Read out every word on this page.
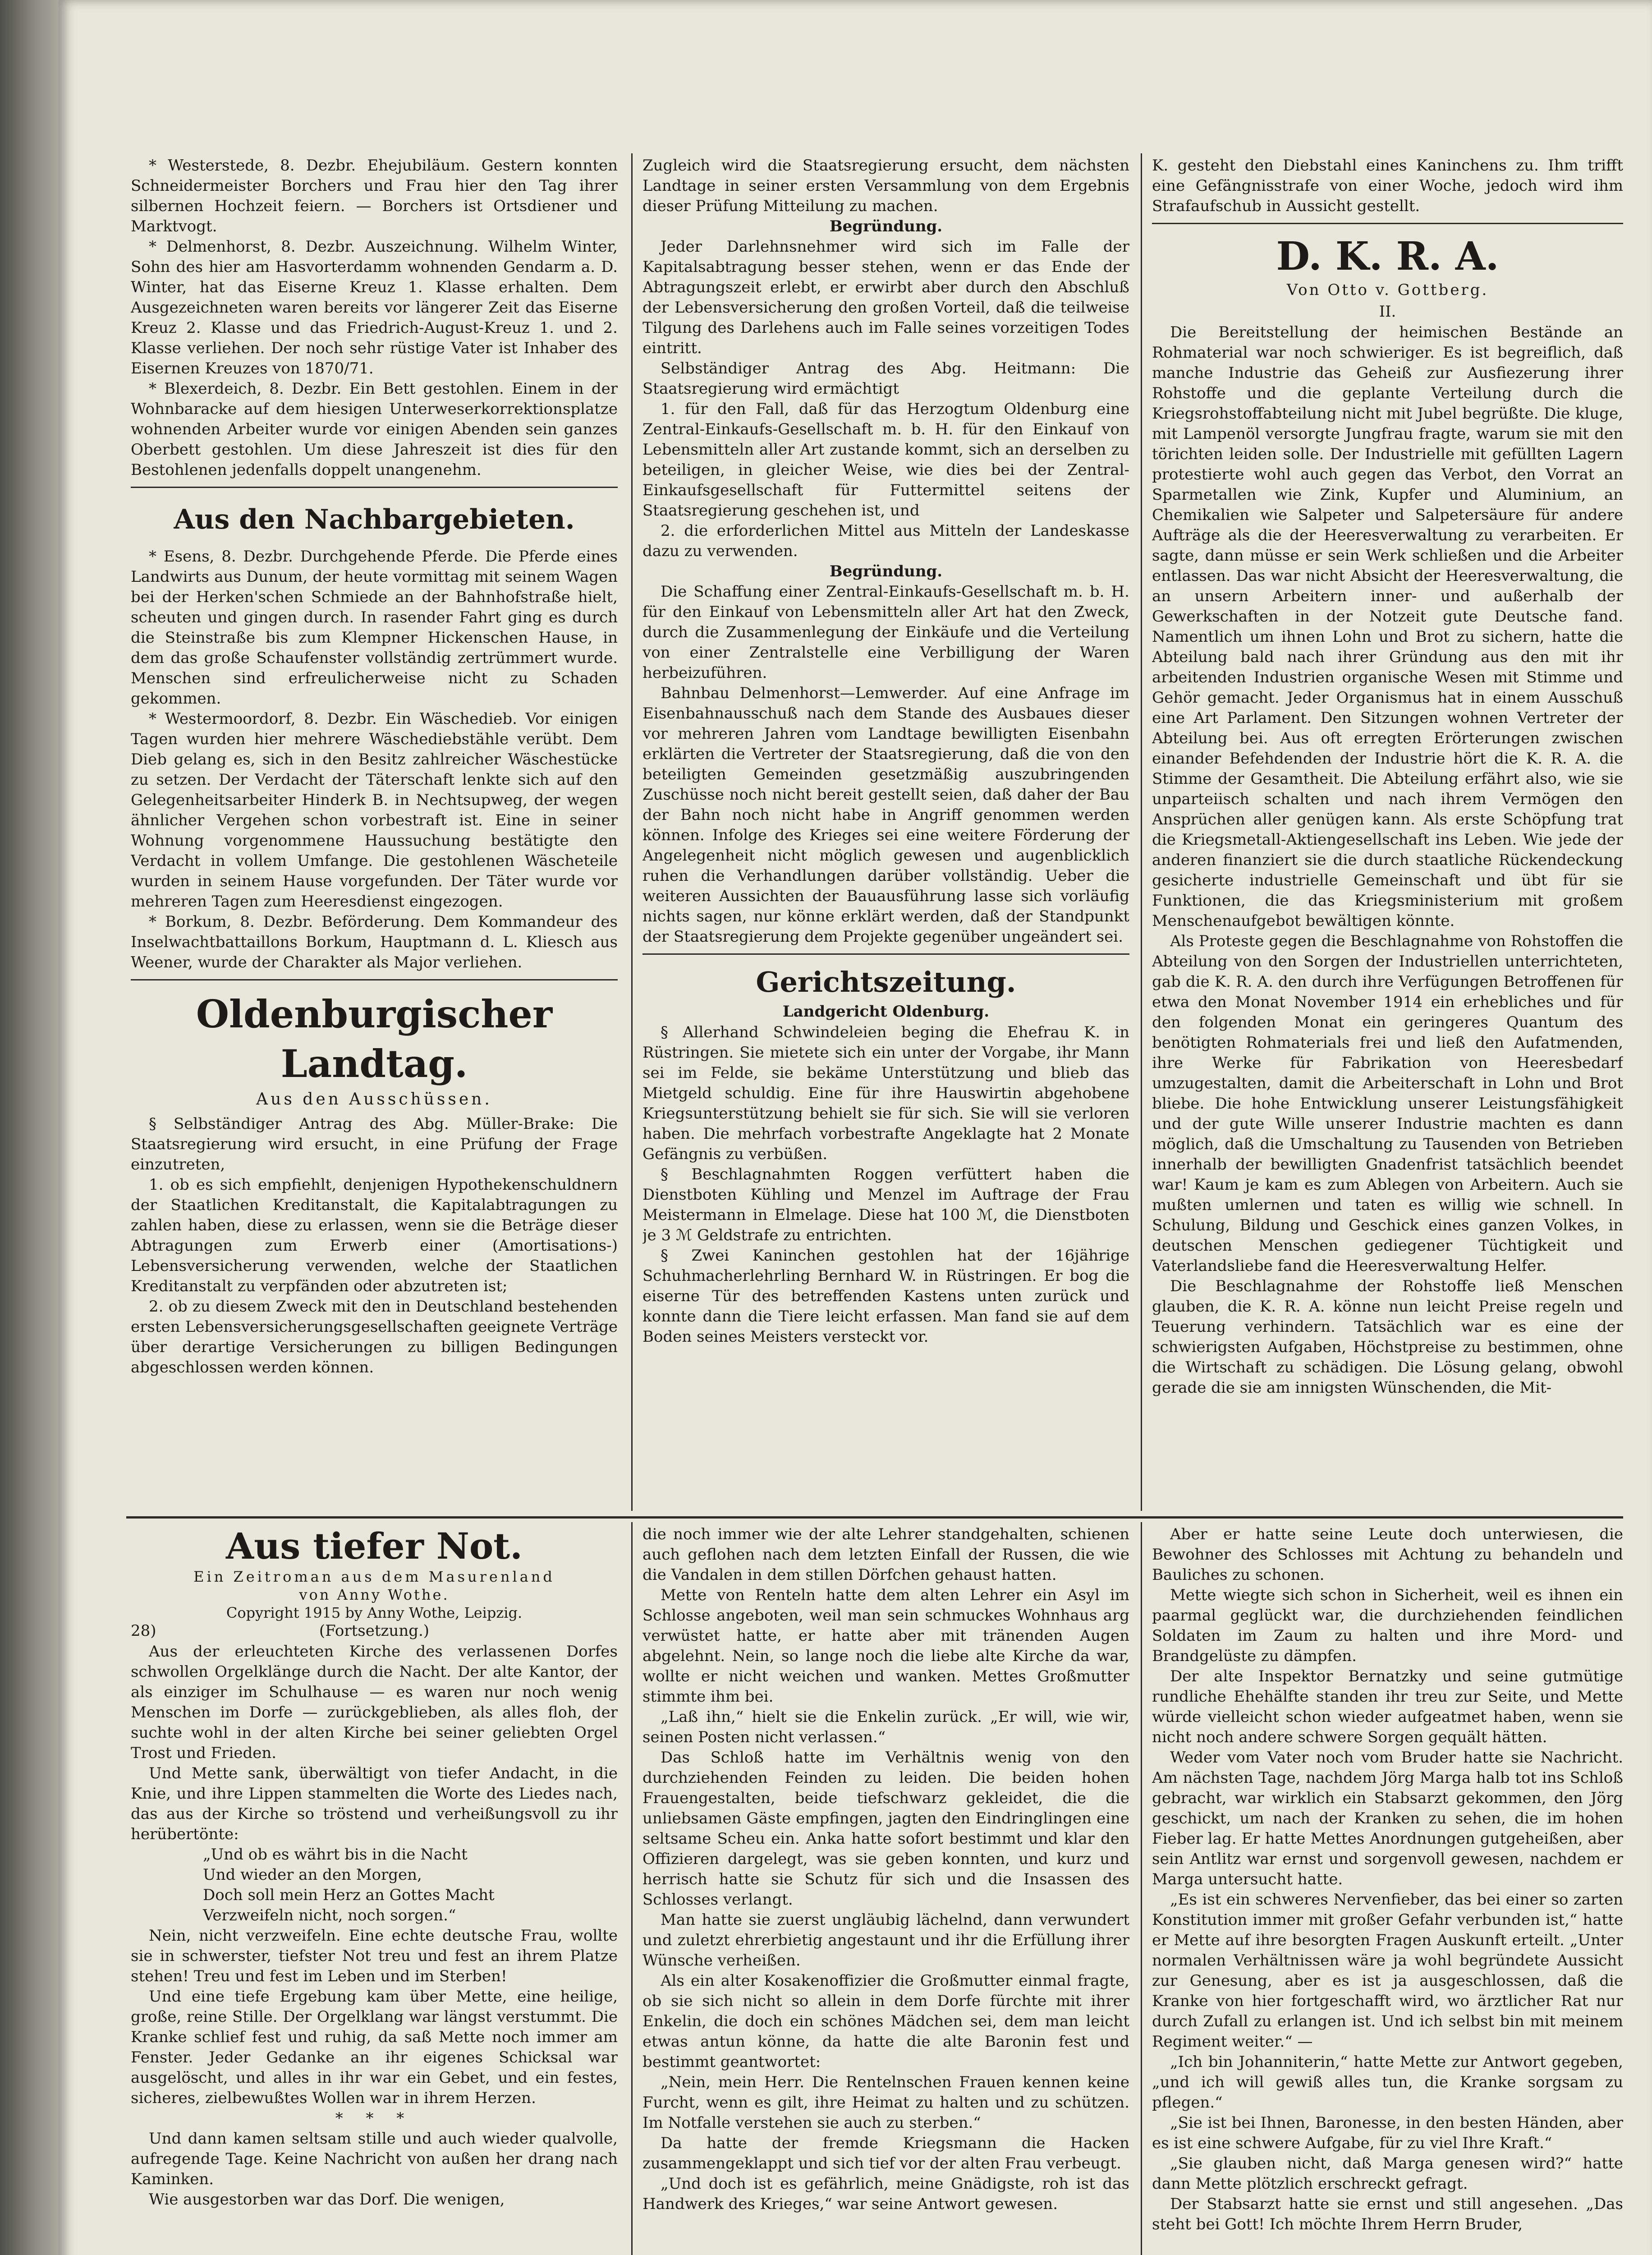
* Westerstede, 8. Dezbr. Ehejubiläum. Gestern konnten Schneidermeister Borchers und Frau hier den Tag ihrer silbernen Hochzeit feiern. — Borchers ist Ortsdiener und Marktvogt.

* Delmenhorst, 8. Dezbr. Auszeichnung. Wilhelm Winter, Sohn des hier am Hasvorterdamm wohnenden Gendarm a. D. Winter, hat das Eiserne Kreuz 1. Klasse erhalten. Dem Ausgezeichneten waren bereits vor längerer Zeit das Eiserne Kreuz 2. Klasse und das Friedrich-August-Kreuz 1. und 2. Klasse verliehen. Der noch sehr rüstige Vater ist Inhaber des Eisernen Kreuzes von 1870/71.

* Blexerdeich, 8. Dezbr. Ein Bett gestohlen. Einem in der Wohnbaracke auf dem hiesigen Unterweserkorrektionsplatze wohnenden Arbeiter wurde vor einigen Abenden sein ganzes Oberbett gestohlen. Um diese Jahreszeit ist dies für den Bestohlenen jedenfalls doppelt unangenehm.

Aus den Nachbargebieten.

* Esens, 8. Dezbr. Durchgehende Pferde. Die Pferde eines Landwirts aus Dunum, der heute vormittag mit seinem Wagen bei der Herken'schen Schmiede an der Bahnhofstraße hielt, scheuten und gingen durch. In rasender Fahrt ging es durch die Steinstraße bis zum Klempner Hickenschen Hause, in dem das große Schaufenster vollständig zertrümmert wurde. Menschen sind erfreulicherweise nicht zu Schaden gekommen.

* Westermoordorf, 8. Dezbr. Ein Wäschedieb. Vor einigen Tagen wurden hier mehrere Wäschediebstähle verübt. Dem Dieb gelang es, sich in den Besitz zahlreicher Wäschestücke zu setzen. Der Verdacht der Täterschaft lenkte sich auf den Gelegenheitsarbeiter Hinderk B. in Nechtsupweg, der wegen ähnlicher Vergehen schon vorbestraft ist. Eine in seiner Wohnung vorgenommene Haussuchung bestätigte den Verdacht in vollem Umfange. Die gestohlenen Wäscheteile wurden in seinem Hause vorgefunden. Der Täter wurde vor mehreren Tagen zum Heeresdienst eingezogen.

* Borkum, 8. Dezbr. Beförderung. Dem Kommandeur des Inselwachtbattaillons Borkum, Hauptmann d. L. Kliesch aus Weener, wurde der Charakter als Major verliehen.

Oldenburgischer Landtag.

Aus den Ausschüssen.

§ Selbständiger Antrag des Abg. Müller-Brake: Die Staatsregierung wird ersucht, in eine Prüfung der Frage einzutreten,

1. ob es sich empfiehlt, denjenigen Hypothekenschuldnern der Staatlichen Kreditanstalt, die Kapitalabtragungen zu zahlen haben, diese zu erlassen, wenn sie die Beträge dieser Abtragungen zum Erwerb einer (Amortisations-) Lebensversicherung verwenden, welche der Staatlichen Kreditanstalt zu verpfänden oder abzutreten ist;

2. ob zu diesem Zweck mit den in Deutschland bestehenden ersten Lebensversicherungsgesellschaften geeignete Verträge über derartige Versicherungen zu billigen Bedingungen abgeschlossen werden können.

Zugleich wird die Staatsregierung ersucht, dem nächsten Landtage in seiner ersten Versammlung von dem Ergebnis dieser Prüfung Mitteilung zu machen.

Begründung.

Jeder Darlehnsnehmer wird sich im Falle der Kapitalsabtragung besser stehen, wenn er das Ende der Abtragungszeit erlebt, er erwirbt aber durch den Abschluß der Lebensversicherung den großen Vorteil, daß die teilweise Tilgung des Darlehens auch im Falle seines vorzeitigen Todes eintritt.

Selbständiger Antrag des Abg. Heitmann: Die Staatsregierung wird ermächtigt

1. für den Fall, daß für das Herzogtum Oldenburg eine Zentral-Einkaufs-Gesellschaft m. b. H. für den Einkauf von Lebensmitteln aller Art zustande kommt, sich an derselben zu beteiligen, in gleicher Weise, wie dies bei der Zentral-Einkaufsgesellschaft für Futtermittel seitens der Staatsregierung geschehen ist, und

2. die erforderlichen Mittel aus Mitteln der Landeskasse dazu zu verwenden.

Begründung.

Die Schaffung einer Zentral-Einkaufs-Gesellschaft m. b. H. für den Einkauf von Lebensmitteln aller Art hat den Zweck, durch die Zusammenlegung der Einkäufe und die Verteilung von einer Zentralstelle eine Verbilligung der Waren herbeizuführen.

Bahnbau Delmenhorst—Lemwerder. Auf eine Anfrage im Eisenbahnausschuß nach dem Stande des Ausbaues dieser vor mehreren Jahren vom Landtage bewilligten Eisenbahn erklärten die Vertreter der Staatsregierung, daß die von den beteiligten Gemeinden gesetzmäßig auszubringenden Zuschüsse noch nicht bereit gestellt seien, daß daher der Bau der Bahn noch nicht habe in Angriff genommen werden können. Infolge des Krieges sei eine weitere Förderung der Angelegenheit nicht möglich gewesen und augenblicklich ruhen die Verhandlungen darüber vollständig. Ueber die weiteren Aussichten der Bauausführung lasse sich vorläufig nichts sagen, nur könne erklärt werden, daß der Standpunkt der Staatsregierung dem Projekte gegenüber ungeändert sei.

Gerichtszeitung.

Landgericht Oldenburg.

§ Allerhand Schwindeleien beging die Ehefrau K. in Rüstringen. Sie mietete sich ein unter der Vorgabe, ihr Mann sei im Felde, sie bekäme Unterstützung und blieb das Mietgeld schuldig. Eine für ihre Hauswirtin abgehobene Kriegsunterstützung behielt sie für sich. Sie will sie verloren haben. Die mehrfach vorbestrafte Angeklagte hat 2 Monate Gefängnis zu verbüßen.

§ Beschlagnahmten Roggen verfüttert haben die Dienstboten Kühling und Menzel im Auftrage der Frau Meistermann in Elmelage. Diese hat 100 ℳ, die Dienstboten je 3 ℳ Geldstrafe zu entrichten.

§ Zwei Kaninchen gestohlen hat der 16jährige Schuhmacherlehrling Bernhard W. in Rüstringen. Er bog die eiserne Tür des betreffenden Kastens unten zurück und konnte dann die Tiere leicht erfassen. Man fand sie auf dem Boden seines Meisters versteckt vor.

K. gesteht den Diebstahl eines Kaninchens zu. Ihm trifft eine Gefängnisstrafe von einer Woche, jedoch wird ihm Strafaufschub in Aussicht gestellt.

D. K. R. A.

Von Otto v. Gottberg.

II.

Die Bereitstellung der heimischen Bestände an Rohmaterial war noch schwieriger. Es ist begreiflich, daß manche Industrie das Geheiß zur Ausfiezerung ihrer Rohstoffe und die geplante Verteilung durch die Kriegsrohstoffabteilung nicht mit Jubel begrüßte. Die kluge, mit Lampenöl versorgte Jungfrau fragte, warum sie mit den törichten leiden solle. Der Industrielle mit gefüllten Lagern protestierte wohl auch gegen das Verbot, den Vorrat an Sparmetallen wie Zink, Kupfer und Aluminium, an Chemikalien wie Salpeter und Salpetersäure für andere Aufträge als die der Heeresverwaltung zu verarbeiten. Er sagte, dann müsse er sein Werk schließen und die Arbeiter entlassen. Das war nicht Absicht der Heeresverwaltung, die an unsern Arbeitern inner- und außerhalb der Gewerkschaften in der Notzeit gute Deutsche fand. Namentlich um ihnen Lohn und Brot zu sichern, hatte die Abteilung bald nach ihrer Gründung aus den mit ihr arbeitenden Industrien organische Wesen mit Stimme und Gehör gemacht. Jeder Organismus hat in einem Ausschuß eine Art Parlament. Den Sitzungen wohnen Vertreter der Abteilung bei. Aus oft erregten Erörterungen zwischen einander Befehdenden der Industrie hört die K. R. A. die Stimme der Gesamtheit. Die Abteilung erfährt also, wie sie unparteiisch schalten und nach ihrem Vermögen den Ansprüchen aller genügen kann. Als erste Schöpfung trat die Kriegsmetall-Aktiengesellschaft ins Leben. Wie jede der anderen finanziert sie die durch staatliche Rückendeckung gesicherte industrielle Gemeinschaft und übt für sie Funktionen, die das Kriegsministerium mit großem Menschenaufgebot bewältigen könnte.

Als Proteste gegen die Beschlagnahme von Rohstoffen die Abteilung von den Sorgen der Industriellen unterrichteten, gab die K. R. A. den durch ihre Verfügungen Betroffenen für etwa den Monat November 1914 ein erhebliches und für den folgenden Monat ein geringeres Quantum des benötigten Rohmaterials frei und ließ den Aufatmenden, ihre Werke für Fabrikation von Heeresbedarf umzugestalten, damit die Arbeiterschaft in Lohn und Brot bliebe. Die hohe Entwicklung unserer Leistungsfähigkeit und der gute Wille unserer Industrie machten es dann möglich, daß die Umschaltung zu Tausenden von Betrieben innerhalb der bewilligten Gnadenfrist tatsächlich beendet war! Kaum je kam es zum Ablegen von Arbeitern. Auch sie mußten umlernen und taten es willig wie schnell. In Schulung, Bildung und Geschick eines ganzen Volkes, in deutschen Menschen gediegener Tüchtigkeit und Vaterlandsliebe fand die Heeresverwaltung Helfer.

Die Beschlagnahme der Rohstoffe ließ Menschen glauben, die K. R. A. könne nun leicht Preise regeln und Teuerung verhindern. Tatsächlich war es eine der schwierigsten Aufgaben, Höchstpreise zu bestimmen, ohne die Wirtschaft zu schädigen. Die Lösung gelang, obwohl gerade die sie am innigsten Wünschenden, die Mit-

Aus tiefer Not.

Ein Zeitroman aus dem Masurenland

von Anny Wothe.

Copyright 1915 by Anny Wothe, Leipzig.

28)	(Fortsetzung.)

Aus der erleuchteten Kirche des verlassenen Dorfes schwollen Orgelklänge durch die Nacht. Der alte Kantor, der als einziger im Schulhause — es waren nur noch wenig Menschen im Dorfe — zurückgeblieben, als alles floh, der suchte wohl in der alten Kirche bei seiner geliebten Orgel Trost und Frieden.

Und Mette sank, überwältigt von tiefer Andacht, in die Knie, und ihre Lippen stammelten die Worte des Liedes nach, das aus der Kirche so tröstend und verheißungsvoll zu ihr herübertönte:

„Und ob es währt bis in die Nacht
Und wieder an den Morgen,
Doch soll mein Herz an Gottes Macht
Verzweifeln nicht, noch sorgen.“

Nein, nicht verzweifeln. Eine echte deutsche Frau, wollte sie in schwerster, tiefster Not treu und fest an ihrem Platze stehen! Treu und fest im Leben und im Sterben!

Und eine tiefe Ergebung kam über Mette, eine heilige, große, reine Stille. Der Orgelklang war längst verstummt. Die Kranke schlief fest und ruhig, da saß Mette noch immer am Fenster. Jeder Gedanke an ihr eigenes Schicksal war ausgelöscht, und alles in ihr war ein Gebet, und ein festes, sicheres, zielbewußtes Wollen war in ihrem Herzen.

* * *

Und dann kamen seltsam stille und auch wieder qualvolle, aufregende Tage. Keine Nachricht von außen her drang nach Kaminken.

Wie ausgestorben war das Dorf. Die wenigen,

die noch immer wie der alte Lehrer standgehalten, schienen auch geflohen nach dem letzten Einfall der Russen, die wie die Vandalen in dem stillen Dörfchen gehaust hatten.

Mette von Renteln hatte dem alten Lehrer ein Asyl im Schlosse angeboten, weil man sein schmuckes Wohnhaus arg verwüstet hatte, er hatte aber mit tränenden Augen abgelehnt. Nein, so lange noch die liebe alte Kirche da war, wollte er nicht weichen und wanken. Mettes Großmutter stimmte ihm bei.

„Laß ihn,“ hielt sie die Enkelin zurück. „Er will, wie wir, seinen Posten nicht verlassen.“

Das Schloß hatte im Verhältnis wenig von den durchziehenden Feinden zu leiden. Die beiden hohen Frauengestalten, beide tiefschwarz gekleidet, die die unliebsamen Gäste empfingen, jagten den Eindringlingen eine seltsame Scheu ein. Anka hatte sofort bestimmt und klar den Offizieren dargelegt, was sie geben konnten, und kurz und herrisch hatte sie Schutz für sich und die Insassen des Schlosses verlangt.

Man hatte sie zuerst ungläubig lächelnd, dann verwundert und zuletzt ehrerbietig angestaunt und ihr die Erfüllung ihrer Wünsche verheißen.

Als ein alter Kosakenoffizier die Großmutter einmal fragte, ob sie sich nicht so allein in dem Dorfe fürchte mit ihrer Enkelin, die doch ein schönes Mädchen sei, dem man leicht etwas antun könne, da hatte die alte Baronin fest und bestimmt geantwortet:

„Nein, mein Herr. Die Rentelnschen Frauen kennen keine Furcht, wenn es gilt, ihre Heimat zu halten und zu schützen. Im Notfalle verstehen sie auch zu sterben.“

Da hatte der fremde Kriegsmann die Hacken zusammengeklappt und sich tief vor der alten Frau verbeugt.

„Und doch ist es gefährlich, meine Gnädigste, roh ist das Handwerk des Krieges,“ war seine Antwort gewesen.

Aber er hatte seine Leute doch unterwiesen, die Bewohner des Schlosses mit Achtung zu behandeln und Bauliches zu schonen.

Mette wiegte sich schon in Sicherheit, weil es ihnen ein paarmal geglückt war, die durchziehenden feindlichen Soldaten im Zaum zu halten und ihre Mord- und Brandgelüste zu dämpfen.

Der alte Inspektor Bernatzky und seine gutmütige rundliche Ehehälfte standen ihr treu zur Seite, und Mette würde vielleicht schon wieder aufgeatmet haben, wenn sie nicht noch andere schwere Sorgen gequält hätten.

Weder vom Vater noch vom Bruder hatte sie Nachricht. Am nächsten Tage, nachdem Jörg Marga halb tot ins Schloß gebracht, war wirklich ein Stabsarzt gekommen, den Jörg geschickt, um nach der Kranken zu sehen, die im hohen Fieber lag. Er hatte Mettes Anordnungen gutgeheißen, aber sein Antlitz war ernst und sorgenvoll gewesen, nachdem er Marga untersucht hatte.

„Es ist ein schweres Nervenfieber, das bei einer so zarten Konstitution immer mit großer Gefahr verbunden ist,“ hatte er Mette auf ihre besorgten Fragen Auskunft erteilt. „Unter normalen Verhältnissen wäre ja wohl begründete Aussicht zur Genesung, aber es ist ja ausgeschlossen, daß die Kranke von hier fortgeschafft wird, wo ärztlicher Rat nur durch Zufall zu erlangen ist. Und ich selbst bin mit meinem Regiment weiter.“ —

„Ich bin Johanniterin,“ hatte Mette zur Antwort gegeben, „und ich will gewiß alles tun, die Kranke sorgsam zu pflegen.“

„Sie ist bei Ihnen, Baronesse, in den besten Händen, aber es ist eine schwere Aufgabe, für zu viel Ihre Kraft.“

„Sie glauben nicht, daß Marga genesen wird?“ hatte dann Mette plötzlich erschreckt gefragt.

Der Stabsarzt hatte sie ernst und still angesehen. „Das steht bei Gott! Ich möchte Ihrem Herrn Bruder,
